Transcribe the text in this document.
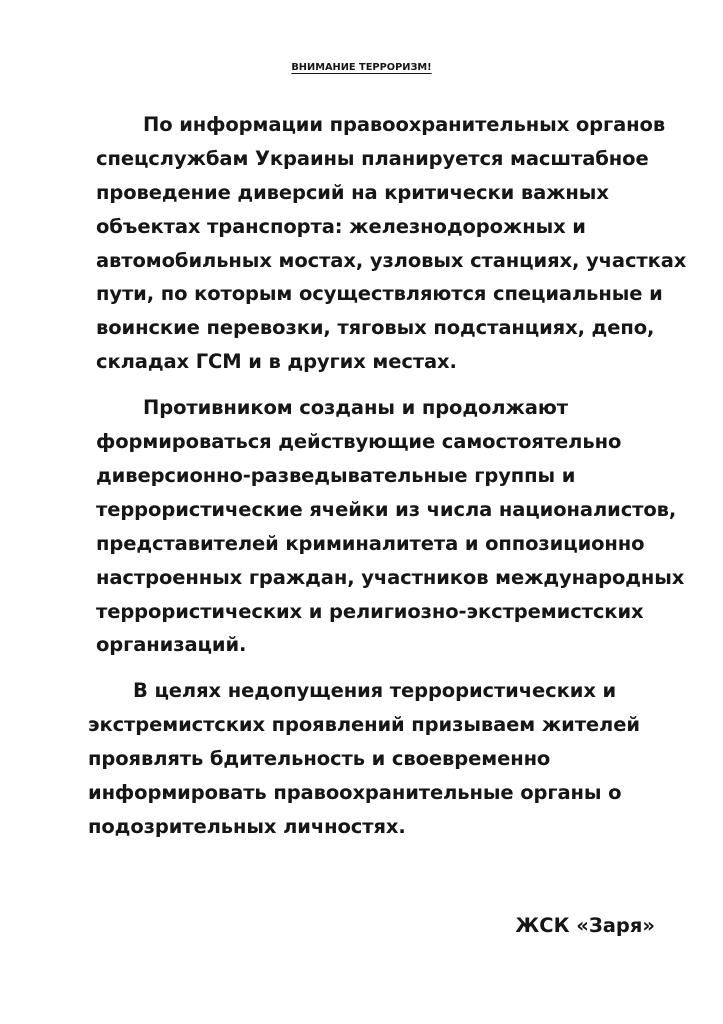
ВНИМАНИЕ ТЕРРОРИЗМ!
По информации правоохранительных органов
спецслужбам Украины планируется масштабное
проведение диверсий на критически важных
объектах транспорта: железнодорожных и
автомобильных мостах, узловых станциях, участках
пути, по которым осуществляются специальные и
воинские перевозки, тяговых подстанциях, депо,
складах ГСМ и в других местах.
Противником созданы и продолжают
формироваться действующие самостоятельно
диверсионно-разведывательные группы и
террористические ячейки из числа националистов,
представителей криминалитета и оппозиционно
настроенных граждан, участников международных
террористических и религиозно-экстремистских
организаций.
В целях недопущения террористических и
экстремистских проявлений призываем жителей
проявлять бдительность и своевременно
информировать правоохранительные органы о
подозрительных личностях.
ЖСК «Заря»
